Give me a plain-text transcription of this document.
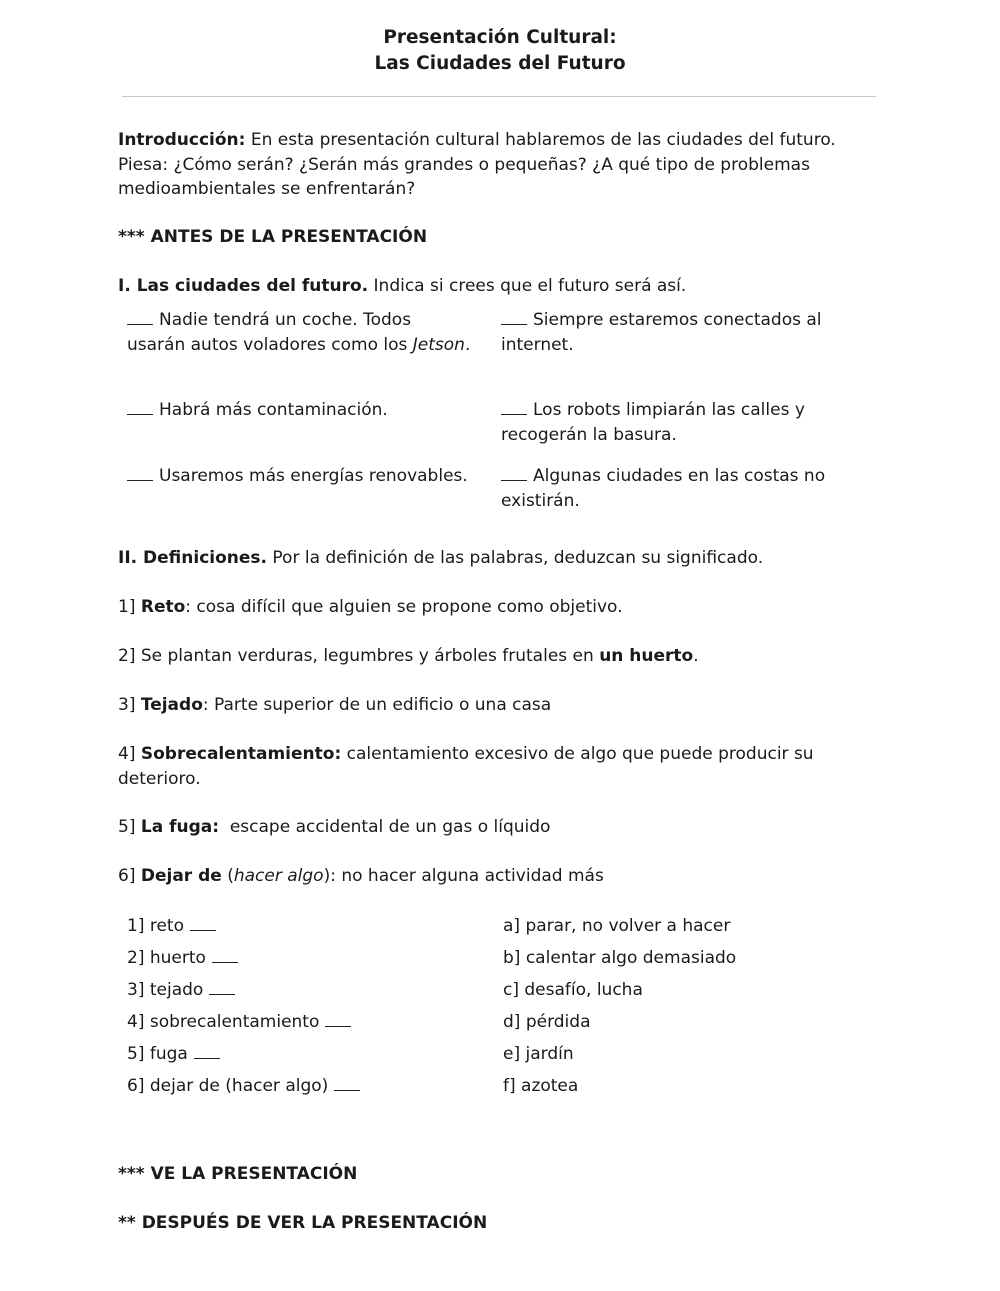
Presentación Cultural:
Las Ciudades del Futuro
Introducción: En esta presentación cultural hablaremos de las ciudades del futuro. Piesa: ¿Cómo serán? ¿Serán más grandes o pequeñas? ¿A qué tipo de problemas medioambientales se enfrentarán?
*** ANTES DE LA PRESENTACIÓN
I. Las ciudades del futuro. Indica si crees que el futuro será así.
Nadie tendrá un coche. Todos usarán autos voladores como los Jetson.
Siempre estaremos conectados al internet.
Habrá más contaminación.	Los robots limpiarán las calles y recogerán la basura.
Usaremos más energías renovables.	Algunas ciudades en las costas no existirán.
II. Definiciones. Por la definición de las palabras, deduzcan su significado.
1] Reto: cosa difícil que alguien se propone como objetivo.
2] Se plantan verduras, legumbres y árboles frutales en un huerto.
3] Tejado: Parte superior de un edificio o una casa
4] Sobrecalentamiento: calentamiento excesivo de algo que puede producir su deterioro.
5] La fuga:  escape accidental de un gas o líquido
6] Dejar de (hacer algo): no hacer alguna actividad más
1] reto
2] huerto
3] tejado
4] sobrecalentamiento
5] fuga
6] dejar de (hacer algo)
a] parar, no volver a hacer
b] calentar algo demasiado
c] desafío, lucha
d] pérdida
e] jardín
f] azotea
*** VE LA PRESENTACIÓN
** DESPUÉS DE VER LA PRESENTACIÓN
